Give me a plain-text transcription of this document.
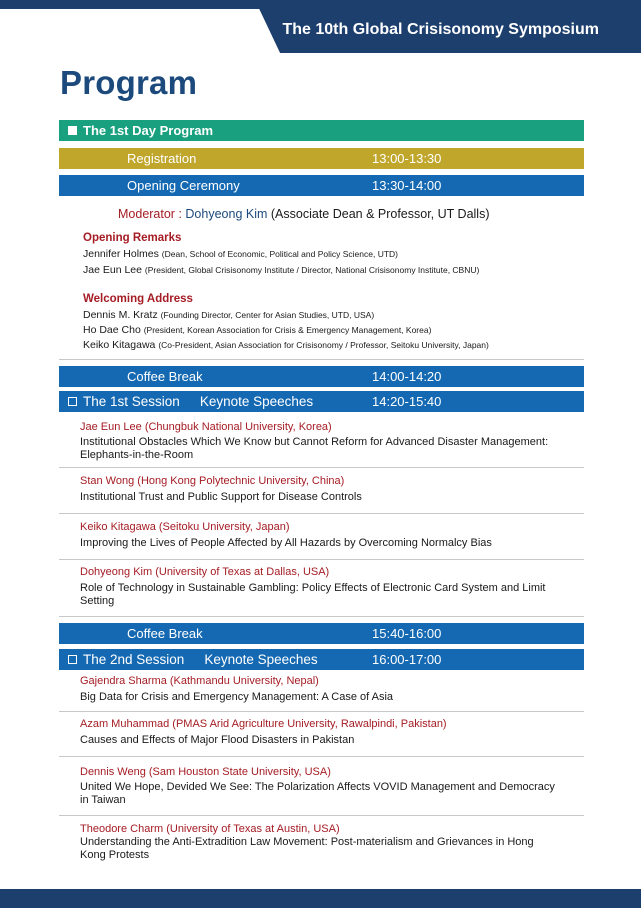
The 10th Global Crisisonomy Symposium
Program
The 1st Day Program
Registration	13:00-13:30
Opening Ceremony	13:30-14:00
Moderator : Dohyeong Kim (Associate Dean & Professor, UT Dalls)
Opening Remarks
Jennifer Holmes (Dean, School of Economic, Political and Policy Science, UTD)
Jae Eun Lee (President, Global Crisisonomy Institute / Director, National Crisisonomy Institute, CBNU)
Welcoming Address
Dennis M. Kratz (Founding Director, Center for Asian Studies, UTD, USA)
Ho Dae Cho (President, Korean Association for Crisis & Emergency Management, Korea)
Keiko Kitagawa (Co-President, Asian Association for Crisisonomy / Professor, Seitoku University, Japan)
Coffee Break	14:00-14:20
The 1st Session Keynote Speeches	14:20-15:40
Jae Eun Lee (Chungbuk National University, Korea)
Institutional Obstacles Which We Know but Cannot Reform for Advanced Disaster Management: Elephants-in-the-Room
Stan Wong (Hong Kong Polytechnic University, China)
Institutional Trust and Public Support for Disease Controls
Keiko Kitagawa (Seitoku University, Japan)
Improving the Lives of People Affected by All Hazards by Overcoming Normalcy Bias
Dohyeong Kim (University of Texas at Dallas, USA)
Role of Technology in Sustainable Gambling: Policy Effects of Electronic Card System and Limit Setting
Coffee Break	15:40-16:00
The 2nd Session Keynote Speeches	16:00-17:00
Gajendra Sharma (Kathmandu University, Nepal)
Big Data for Crisis and Emergency Management: A Case of Asia
Azam Muhammad (PMAS Arid Agriculture University, Rawalpindi, Pakistan)
Causes and Effects of Major Flood Disasters in Pakistan
Dennis Weng (Sam Houston State University, USA)
United We Hope, Devided We See: The Polarization Affects VOVID Management and Democracy in Taiwan
Theodore Charm (University of Texas at Austin, USA)
Understanding the Anti-Extradition Law Movement: Post-materialism and Grievances in Hong Kong Protests
